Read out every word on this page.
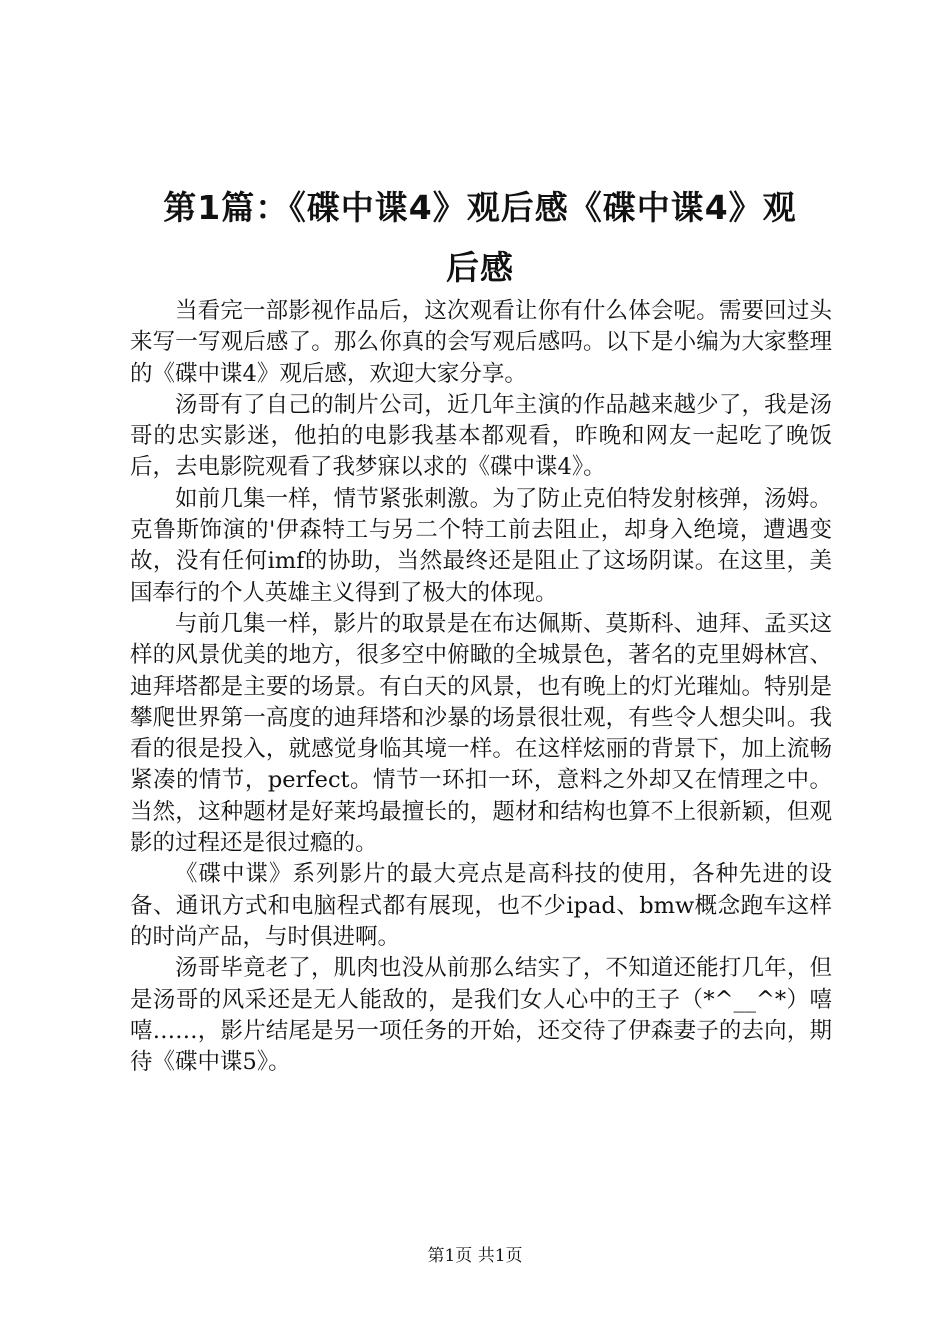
第1篇：《碟中谍4》观后感《碟中谍4》观
后感

当看完一部影视作品后，这次观看让你有什么体会呢。需要回过头来写一写观后感了。那么你真的会写观后感吗。以下是小编为大家整理的《碟中谍4》观后感，欢迎大家分享。

汤哥有了自己的制片公司，近几年主演的作品越来越少了，我是汤哥的忠实影迷，他拍的电影我基本都观看，昨晚和网友一起吃了晚饭后，去电影院观看了我梦寐以求的《碟中谍4》。

如前几集一样，情节紧张刺激。为了防止克伯特发射核弹，汤姆。克鲁斯饰演的'伊森特工与另二个特工前去阻止，却身入绝境，遭遇变故，没有任何imf的协助，当然最终还是阻止了这场阴谋。在这里，美国奉行的个人英雄主义得到了极大的体现。

与前几集一样，影片的取景是在布达佩斯、莫斯科、迪拜、孟买这样的风景优美的地方，很多空中俯瞰的全城景色，著名的克里姆林宫、迪拜塔都是主要的场景。有白天的风景，也有晚上的灯光璀灿。特别是攀爬世界第一高度的迪拜塔和沙暴的场景很壮观，有些令人想尖叫。我看的很是投入，就感觉身临其境一样。在这样炫丽的背景下，加上流畅紧凑的情节，perfect。情节一环扣一环，意料之外却又在情理之中。当然，这种题材是好莱坞最擅长的，题材和结构也算不上很新颖，但观影的过程还是很过瘾的。

《碟中谍》系列影片的最大亮点是高科技的使用，各种先进的设备、通讯方式和电脑程式都有展现，也不少ipad、bmw概念跑车这样的时尚产品，与时俱进啊。

汤哥毕竟老了，肌肉也没从前那么结实了，不知道还能打几年，但是汤哥的风采还是无人能敌的，是我们女人心中的王子（*^__^*）嘻嘻……，影片结尾是另一项任务的开始，还交待了伊森妻子的去向，期待《碟中谍5》。

第1页 共1页
